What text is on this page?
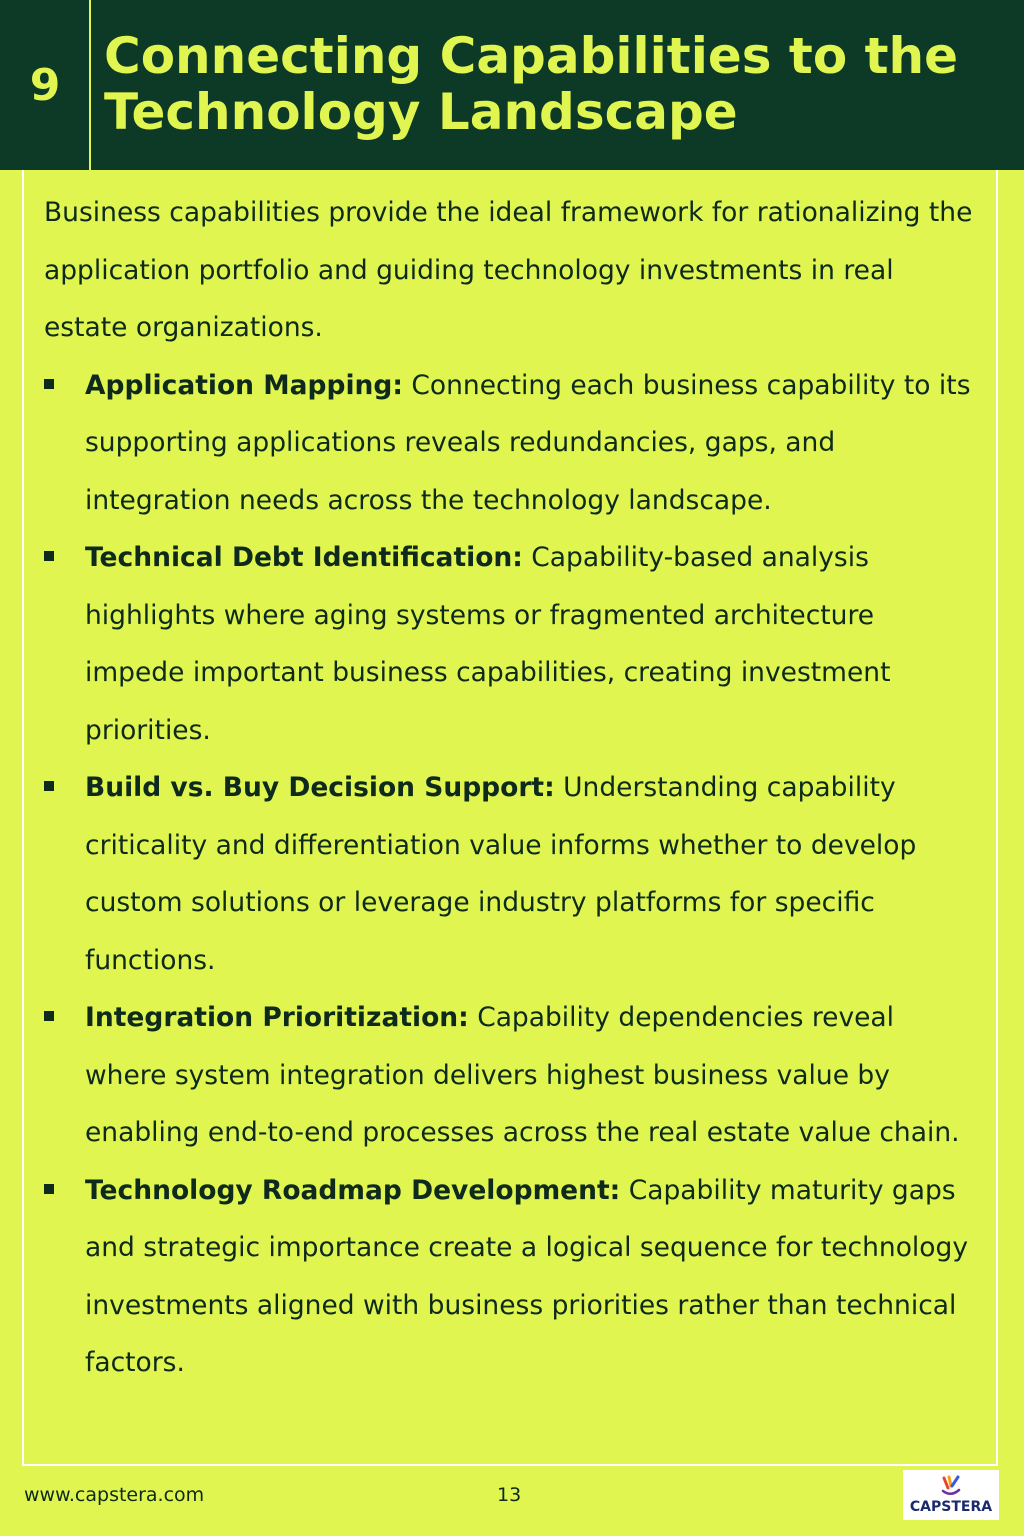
9 Connecting Capabilities to the Technology Landscape

Business capabilities provide the ideal framework for rationalizing the application portfolio and guiding technology investments in real estate organizations.

Application Mapping: Connecting each business capability to its supporting applications reveals redundancies, gaps, and integration needs across the technology landscape.
Technical Debt Identification: Capability-based analysis highlights where aging systems or fragmented architecture impede important business capabilities, creating investment priorities.
Build vs. Buy Decision Support: Understanding capability criticality and differentiation value informs whether to develop custom solutions or leverage industry platforms for specific functions.
Integration Prioritization: Capability dependencies reveal where system integration delivers highest business value by enabling end-to-end processes across the real estate value chain.
Technology Roadmap Development: Capability maturity gaps and strategic importance create a logical sequence for technology investments aligned with business priorities rather than technical factors.
www.capstera.com	13
CAPSTERA
